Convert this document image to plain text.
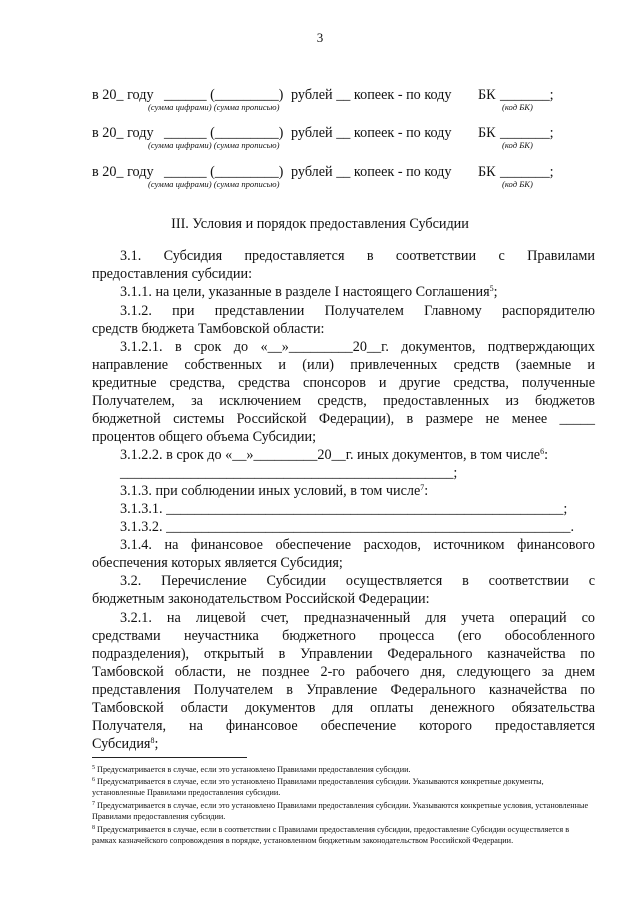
3
в 20_ году ______ (_________) рублей __ копеек - по коду БК _______;
(сумма цифрами) (сумма прописью)	(код БК)
в 20_ году ______ (_________) рублей __ копеек - по коду БК _______;
(сумма цифрами) (сумма прописью)	(код БК)
в 20_ году ______ (_________) рублей __ копеек - по коду БК _______;
(сумма цифрами) (сумма прописью)	(код БК)
III. Условия и порядок предоставления Субсидии
3.1. Субсидия предоставляется в соответствии с Правилами
предоставления субсидии:
3.1.1. на цели, указанные в разделе I настоящего Соглашения$^5$;
3.1.2. при представлении Получателем Главному распорядителю
средств бюджета Тамбовской области:
3.1.2.1. в срок до «__»_________20__г. документов, подтверждающих
направление собственных и (или) привлеченных средств (заемные и
кредитные средства, средства спонсоров и другие средства, полученные
Получателем, за исключением средств, предоставленных из бюджетов
бюджетной системы Российской Федерации), в размере не менее _____
процентов общего объема Субсидии;
3.1.2.2. в срок до «__»_________20__г. иных документов, в том числе$^6$:
_______________________________________________;
3.1.3. при соблюдении иных условий, в том числе$^7$:
3.1.3.1. ________________________________________________________;
3.1.3.2. _________________________________________________________.
3.1.4. на финансовое обеспечение расходов, источником финансового
обеспечения которых является Субсидия;
3.2. Перечисление Субсидии осуществляется в соответствии с
бюджетным законодательством Российской Федерации:
3.2.1. на лицевой счет, предназначенный для учета операций со
средствами неучастника бюджетного процесса (его обособленного
подразделения), открытый в Управлении Федерального казначейства по
Тамбовской области, не позднее 2-го рабочего дня, следующего за днем
представления Получателем в Управление Федерального казначейства по
Тамбовской области документов для оплаты денежного обязательства
Получателя, на финансовое обеспечение которого предоставляется
Субсидия$^8$;
$^5$ Предусматривается в случае, если это установлено Правилами предоставления субсидии.
$^6$ Предусматривается в случае, если это установлено Правилами предоставления субсидии. Указываются конкретные документы, установленные Правилами предоставления субсидии.
$^7$ Предусматривается в случае, если это установлено Правилами предоставления субсидии. Указываются конкретные условия, установленные Правилами предоставления субсидии.
$^8$ Предусматривается в случае, если в соответствии с Правилами предоставления субсидии, предоставление Субсидии осуществляется в рамках казначейского сопровождения в порядке, установленном бюджетным законодательством Российской Федерации.
